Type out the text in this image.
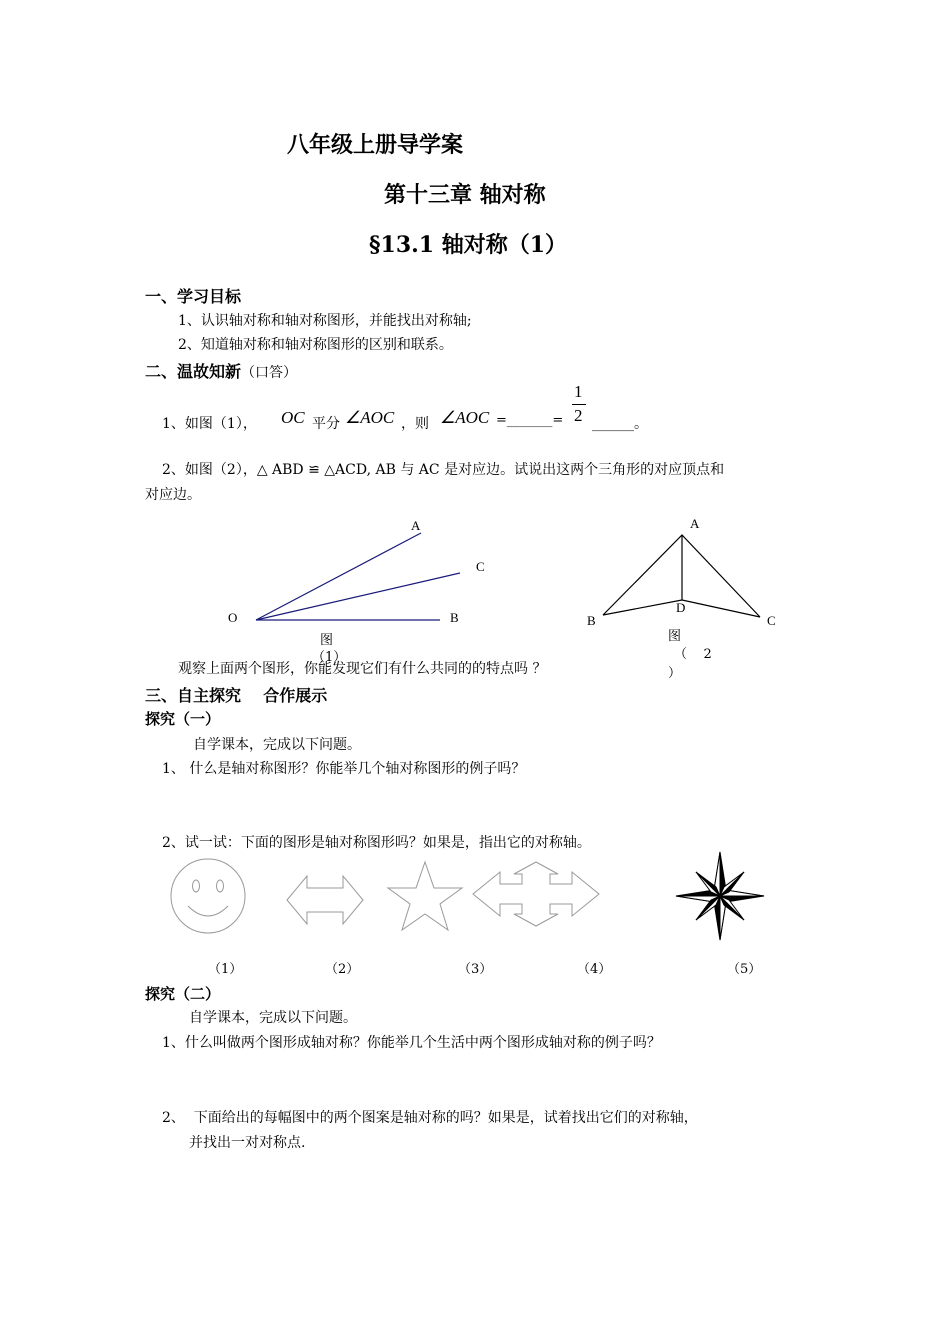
八年级上册导学案
第十三章 轴对称
§13.1 轴对称（1）
一、学习目标
1、认识轴对称和轴对称图形，并能找出对称轴;
2、知道轴对称和轴对称图形的区别和联系。
二、温故知新（口答）
1、如图（1）， OC 平分 ∠AOC ，则 ∠AOC =_______=
1
2 ______。
2、如图（2），△ ABD ≌ △ACD, AB 与 AC 是对应边。试说出这两个三角形的对应顶点和
对应边。
A
C
B
O
图
（1）
A
D
B	C
图
（    2
）
观察上面两个图形，你能发现它们有什么共同的的特点吗 ？
三、自主探究    合作展示
探究（一）
自学课本，完成以下问题。
1、 什么是轴对称图形？你能举几个轴对称图形的例子吗？
2、试一试：下面的图形是轴对称图形吗？如果是，指出它的对称轴。
（1）	（2）	（3）	（4）	（5）
探究（二）
自学课本，完成以下问题。
1、什么叫做两个图形成轴对称？你能举几个生活中两个图形成轴对称的例子吗？
2、  下面给出的每幅图中的两个图案是轴对称的吗？如果是，试着找出它们的对称轴，
并找出一对对称点.
